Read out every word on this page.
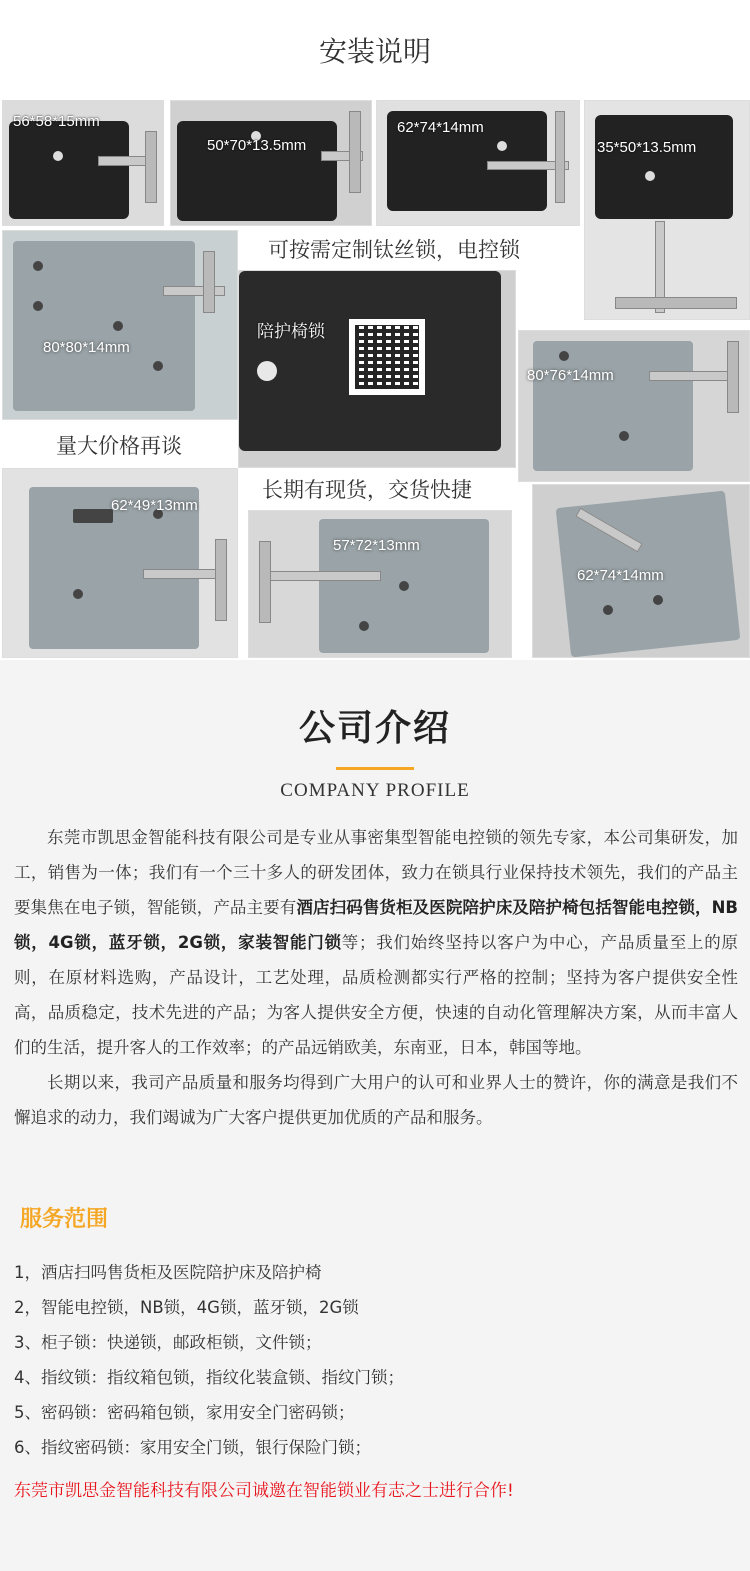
安装说明
56*58*15mm
50*70*13.5mm
62*74*14mm
35*50*13.5mm
可按需定制钛丝锁，电控锁
80*80*14mm
量大价格再谈
陪护椅锁
长期有现货，交货快捷
80*76*14mm
62*49*13mm
57*72*13mm
62*74*14mm
公司介绍
COMPANY PROFILE

东莞市凯思金智能科技有限公司是专业从事密集型智能电控锁的领先专家，本公司集研发，加工，销售为一体；我们有一个三十多人的研发团体，致力在锁具行业保持技术领先，我们的产品主要集焦在电子锁，智能锁，产品主要有酒店扫码售货柜及医院陪护床及陪护椅包括智能电控锁，NB锁，4G锁，蓝牙锁，2G锁，家装智能门锁等；我们始终坚持以客户为中心，产品质量至上的原则，在原材料选购，产品设计，工艺处理，品质检测都实行严格的控制；坚持为客户提供安全性高，品质稳定，技术先进的产品；为客人提供安全方便，快速的自动化管理解决方案，从而丰富人们的生活，提升客人的工作效率；的产品远销欧美，东南亚，日本，韩国等地。

长期以来，我司产品质量和服务均得到广大用户的认可和业界人士的赞许，你的满意是我们不懈追求的动力，我们竭诚为广大客户提供更加优质的产品和服务。

服务范围
1，酒店扫吗售货柜及医院陪护床及陪护椅
2，智能电控锁，NB锁，4G锁，蓝牙锁，2G锁
3、柜子锁：快递锁，邮政柜锁，文件锁；
4、指纹锁：指纹箱包锁，指纹化装盒锁、指纹门锁；
5、密码锁：密码箱包锁，家用安全门密码锁；
6、指纹密码锁：家用安全门锁，银行保险门锁；
东莞市凯思金智能科技有限公司诚邀在智能锁业有志之士进行合作!
